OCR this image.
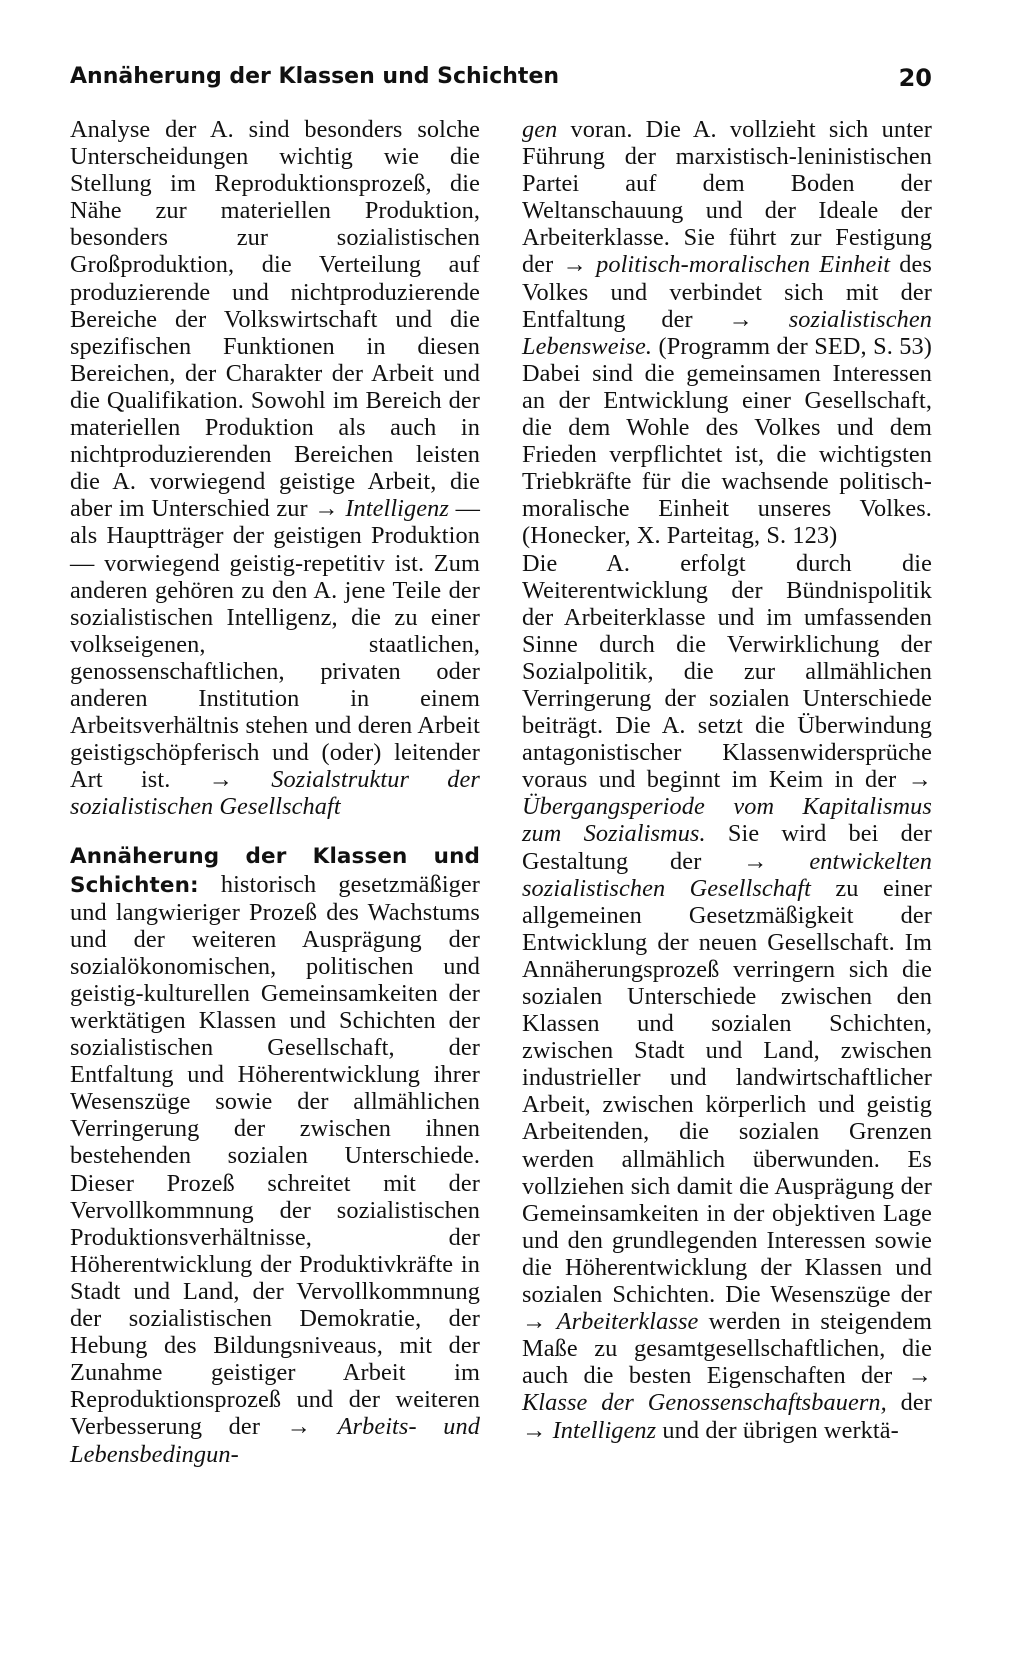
Annäherung der Klassen und Schichten	20

Analyse der A. sind besonders solche Unterscheidungen wichtig wie die Stellung im Reproduktionsprozeß, die Nähe zur materiellen Produktion, besonders zur sozialistischen Großproduktion, die Verteilung auf produzierende und nichtproduzierende Bereiche der Volkswirtschaft und die spezifischen Funktionen in diesen Bereichen, der Charakter der Arbeit und die Qualifikation. Sowohl im Bereich der materiellen Produktion als auch in nichtproduzierenden Bereichen leisten die A. vorwiegend geistige Arbeit, die aber im Unterschied zur → Intelligenz — als Hauptträger der geistigen Produktion — vorwiegend geistig-repetitiv ist. Zum anderen gehören zu den A. jene Teile der sozialistischen Intelligenz, die zu einer volkseigenen, staatlichen, genossenschaftlichen, privaten oder anderen Institution in einem Arbeitsverhältnis stehen und deren Arbeit geistigschöpferisch und (oder) leitender Art ist. → Sozialstruktur der sozialistischen Gesellschaft

Annäherung der Klassen und Schichten: historisch gesetzmäßiger und langwieriger Prozeß des Wachstums und der weiteren Ausprägung der sozialökonomischen, politischen und geistig-kulturellen Gemeinsamkeiten der werktätigen Klassen und Schichten der sozialistischen Gesellschaft, der Entfaltung und Höherentwicklung ihrer Wesenszüge sowie der allmählichen Verringerung der zwischen ihnen bestehenden sozialen Unterschiede. Dieser Prozeß schreitet mit der Vervollkommnung der sozialistischen Produktionsverhältnisse, der Höherentwicklung der Produktivkräfte in Stadt und Land, der Vervollkommnung der sozialistischen Demokratie, der Hebung des Bildungsniveaus, mit der Zunahme geistiger Arbeit im Reproduktionsprozeß und der weiteren Verbesserung der → Arbeits- und Lebensbedingun-

gen voran. Die A. vollzieht sich unter Führung der marxistisch-leninistischen Partei auf dem Boden der Weltanschauung und der Ideale der Arbeiterklasse. Sie führt zur Festigung der → politisch-moralischen Einheit des Volkes und verbindet sich mit der Entfaltung der → sozialistischen Lebensweise. (Programm der SED, S. 53) Dabei sind die gemeinsamen Interessen an der Entwicklung einer Gesellschaft, die dem Wohle des Volkes und dem Frieden verpflichtet ist, die wichtigsten Triebkräfte für die wachsende politisch-moralische Einheit unseres Volkes. (Honecker, X. Parteitag, S. 123)

Die A. erfolgt durch die Weiterentwicklung der Bündnispolitik der Arbeiterklasse und im umfassenden Sinne durch die Verwirklichung der Sozialpolitik, die zur allmählichen Verringerung der sozialen Unterschiede beiträgt. Die A. setzt die Überwindung antagonistischer Klassenwidersprüche voraus und beginnt im Keim in der → Übergangsperiode vom Kapitalismus zum Sozialismus. Sie wird bei der Gestaltung der → entwickelten sozialistischen Gesellschaft zu einer allgemeinen Gesetzmäßigkeit der Entwicklung der neuen Gesellschaft. Im Annäherungsprozeß verringern sich die sozialen Unterschiede zwischen den Klassen und sozialen Schichten, zwischen Stadt und Land, zwischen industrieller und landwirtschaftlicher Arbeit, zwischen körperlich und geistig Arbeitenden, die sozialen Grenzen werden allmählich überwunden. Es vollziehen sich damit die Ausprägung der Gemeinsamkeiten in der objektiven Lage und den grundlegenden Interessen sowie die Höherentwicklung der Klassen und sozialen Schichten. Die Wesenszüge der → Arbeiterklasse werden in steigendem Maße zu gesamtgesellschaftlichen, die auch die besten Eigenschaften der → Klasse der Genossenschaftsbauern, der → Intelligenz und der übrigen werktä-
